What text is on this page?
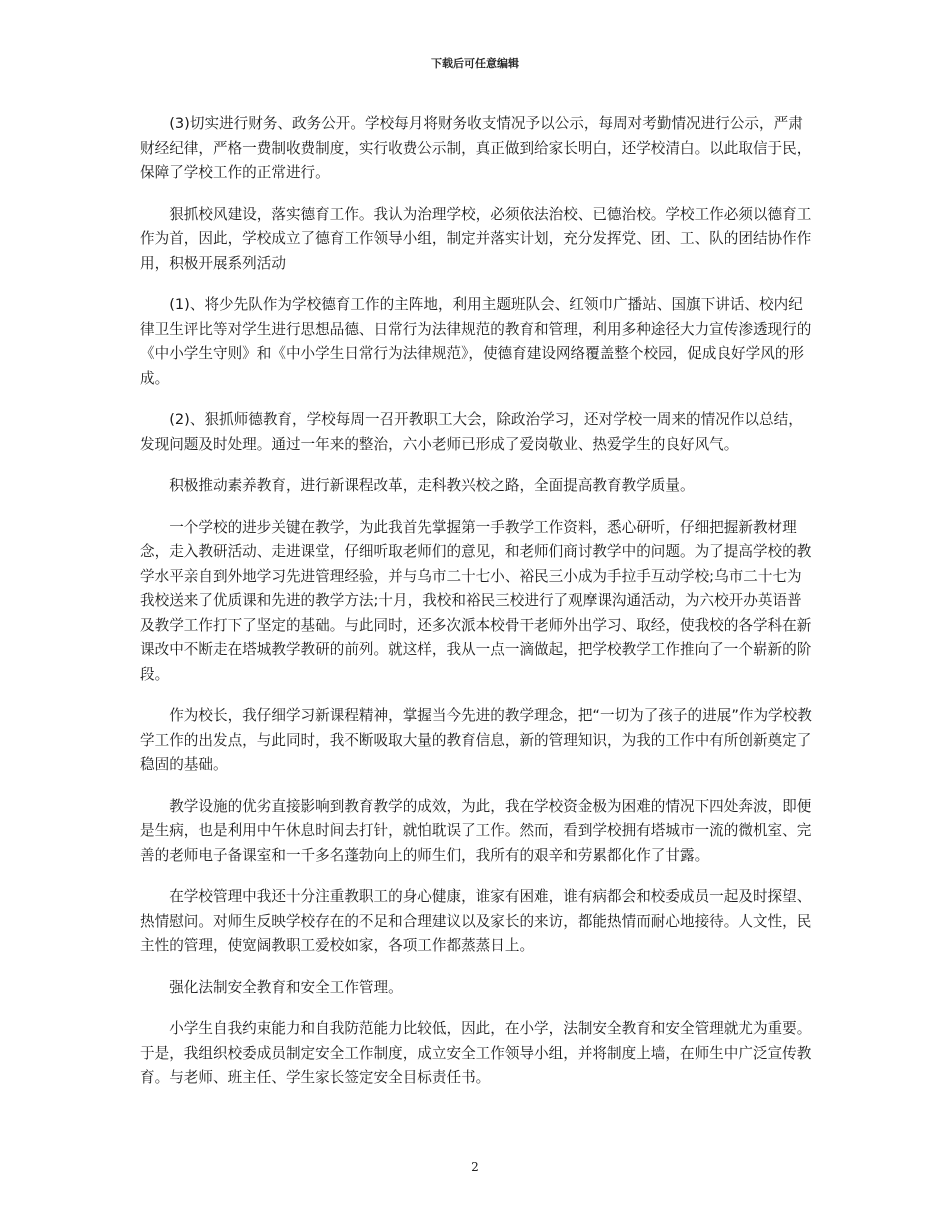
下载后可任意编辑

(3)切实进行财务、政务公开。学校每月将财务收支情况予以公示，每周对考勤情况进行公示，严肃财经纪律，严格一费制收费制度，实行收费公示制，真正做到给家长明白，还学校清白。以此取信于民，保障了学校工作的正常进行。

狠抓校风建设，落实德育工作。我认为治理学校，必须依法治校、已德治校。学校工作必须以德育工作为首，因此，学校成立了德育工作领导小组，制定并落实计划，充分发挥党、团、工、队的团结协作作用，积极开展系列活动

(1)、将少先队作为学校德育工作的主阵地，利用主题班队会、红领巾广播站、国旗下讲话、校内纪律卫生评比等对学生进行思想品德、日常行为法律规范的教育和管理，利用多种途径大力宣传渗透现行的《中小学生守则》和《中小学生日常行为法律规范》，使德育建设网络覆盖整个校园，促成良好学风的形成。

(2)、狠抓师德教育，学校每周一召开教职工大会，除政治学习，还对学校一周来的情况作以总结，发现问题及时处理。通过一年来的整治，六小老师已形成了爱岗敬业、热爱学生的良好风气。

积极推动素养教育，进行新课程改革，走科教兴校之路，全面提高教育教学质量。

一个学校的进步关键在教学，为此我首先掌握第一手教学工作资料，悉心研听，仔细把握新教材理念，走入教研活动、走进课堂，仔细听取老师们的意见，和老师们商讨教学中的问题。为了提高学校的教学水平亲自到外地学习先进管理经验，并与乌市二十七小、裕民三小成为手拉手互动学校;乌市二十七为我校送来了优质课和先进的教学方法;十月，我校和裕民三校进行了观摩课沟通活动，为六校开办英语普及教学工作打下了坚定的基础。与此同时，还多次派本校骨干老师外出学习、取经，使我校的各学科在新课改中不断走在塔城教学教研的前列。就这样，我从一点一滴做起，把学校教学工作推向了一个崭新的阶段。

作为校长，我仔细学习新课程精神，掌握当今先进的教学理念，把“一切为了孩子的进展”作为学校教学工作的出发点，与此同时，我不断吸取大量的教育信息，新的管理知识，为我的工作中有所创新奠定了稳固的基础。

教学设施的优劣直接影响到教育教学的成效，为此，我在学校资金极为困难的情况下四处奔波，即便是生病，也是利用中午休息时间去打针，就怕耽误了工作。然而，看到学校拥有塔城市一流的微机室、完善的老师电子备课室和一千多名蓬勃向上的师生们，我所有的艰辛和劳累都化作了甘露。

在学校管理中我还十分注重教职工的身心健康，谁家有困难，谁有病都会和校委成员一起及时探望、热情慰问。对师生反映学校存在的不足和合理建议以及家长的来访，都能热情而耐心地接待。人文性，民主性的管理，使宽阔教职工爱校如家，各项工作都蒸蒸日上。

强化法制安全教育和安全工作管理。

小学生自我约束能力和自我防范能力比较低，因此，在小学，法制安全教育和安全管理就尤为重要。于是，我组织校委成员制定安全工作制度，成立安全工作领导小组，并将制度上墙，在师生中广泛宣传教育。与老师、班主任、学生家长签定安全目标责任书。

2
